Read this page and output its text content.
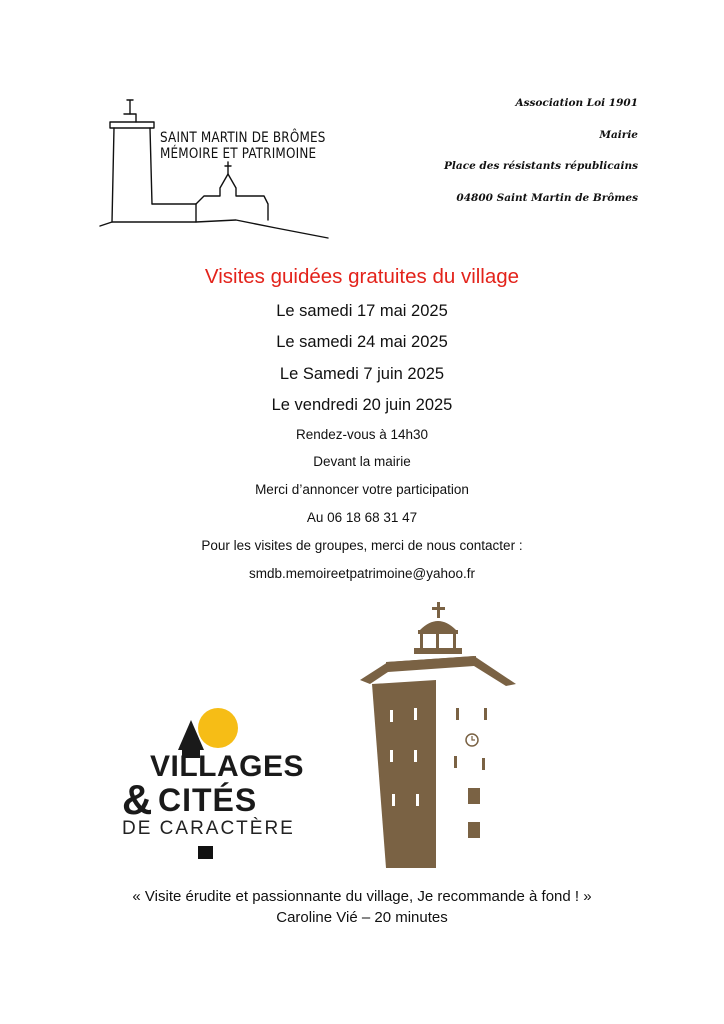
Association Loi 1901
Mairie
Place des résistants républicains
04800 Saint Martin de Brômes
SAINT MARTIN DE BRÔMES
MÉMOIRE ET PATRIMOINE
Visites guidées gratuites du village
Le samedi 17 mai 2025
Le samedi 24 mai 2025
Le Samedi 7 juin 2025
Le vendredi 20 juin 2025
Rendez-vous à 14h30
Devant la mairie
Merci d’annoncer votre participation
Au 06 18 68 31 47
Pour les visites de groupes, merci de nous contacter :
smdb.memoireetpatrimoine@yahoo.fr
VILLAGES
& CITÉS
DE CARACTÈRE
« Visite érudite et passionnante du village, Je recommande à fond ! »
Caroline Vié – 20 minutes
